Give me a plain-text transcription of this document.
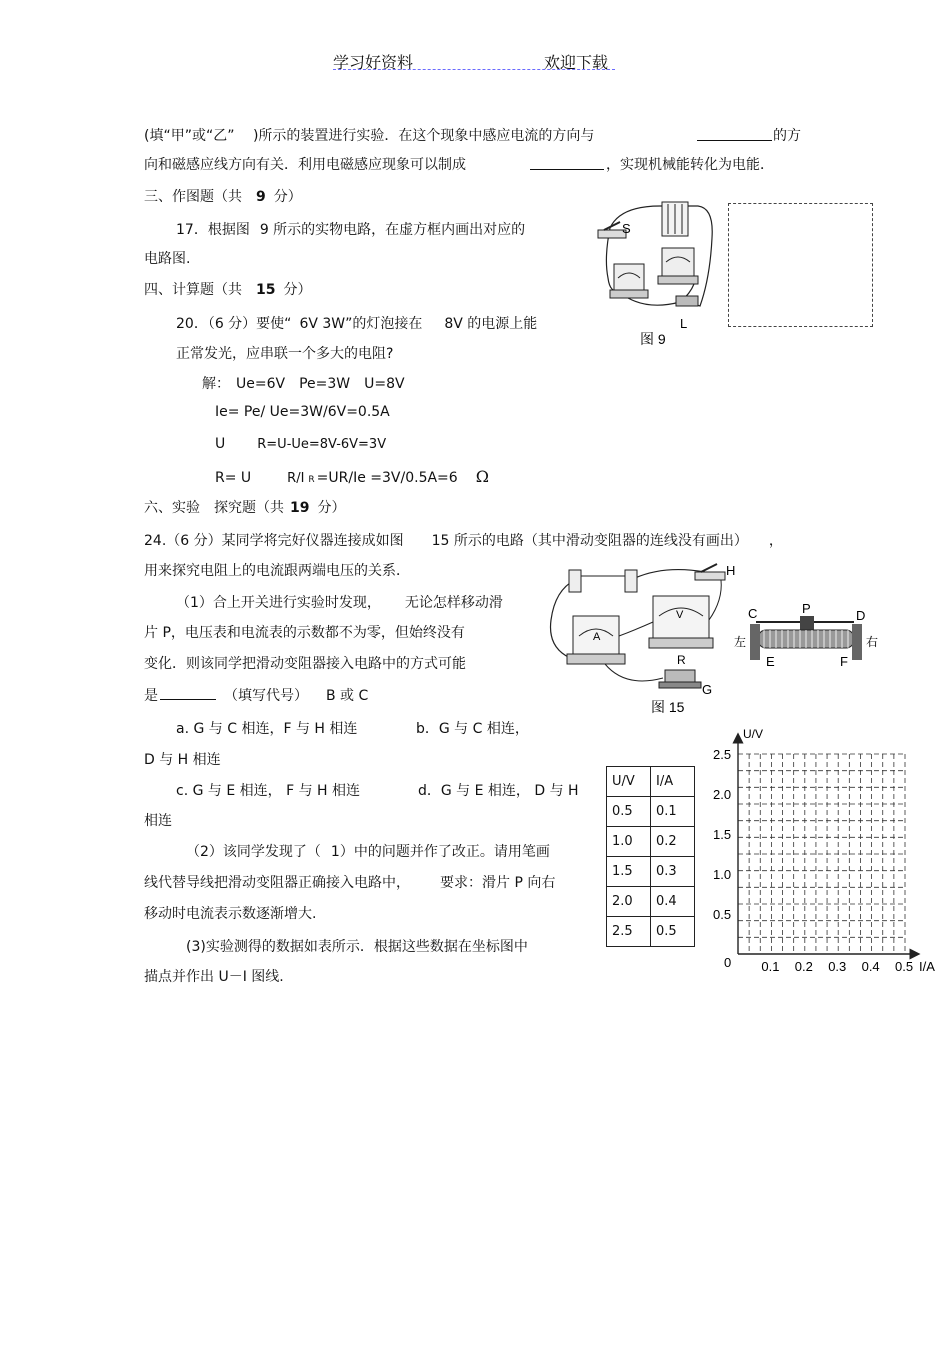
学习好资料	欢迎下载
(填“甲”或“乙” )所示的装置进行实验．在这个现象中感应电流的方向与	的方
向和磁感应线方向有关．利用电磁感应现象可以制成	，实现机械能转化为电能．
三、作图题（共 9 分）
17．根据图 9 所示的实物电路，在虚方框内画出对应的
电路图.
四、计算题（共 15 分）
20．（6 分）要使“ 6V 3W”的灯泡接在 8V 的电源上能
正常发光，应串联一个多大的电阻?
解： Ue=6V Pe=3W U=8V
Ie= Pe/ Ue=3W/6V=0.5A
U R=U-Ue=8V-6V=3V
R= U	R/I R =UR/Ie =3V/0.5A=6 Ω
六、实验 探究题（共 19 分）
24.（6 分）某同学将完好仪器连接成如图 15 所示的电路（其中滑动变阻器的连线没有画出） ，
用来探究电阻上的电流跟两端电压的关系．
（1）合上开关进行实验时发现， 无论怎样移动滑
片 P，电压表和电流表的示数都不为零，但始终没有
变化．则该同学把滑动变阻器接入电路中的方式可能
是	（填写代号） B 或 C
a. G 与 C 相连，F 与 H 相连	b．G 与 C 相连，
D 与 H 相连
c. G 与 E 相连， F 与 H 相连	d．G 与 E 相连， D 与 H
相连
（2）该同学发现了（ 1）中的问题并作了改正。请用笔画
线代替导线把滑动变阻器正确接入电路中， 要求：滑片 P 向右
移动时电流表示数逐渐增大.
(3)实验测得的数据如表所示．根据这些数据在坐标图中
描点并作出 U－I 图线.
S
L
图 9
H
A
V
R
G
图 15
C	P	D
左	右
E	F
U/V	I/A
0.5	0.1
1.0	0.2
1.5	0.3
2.0	0.4
2.5	0.5
U/V
I/A
0
2.5
2.0
1.5
1.0
0.5
0.1 0.2 0.3 0.4 0.5
